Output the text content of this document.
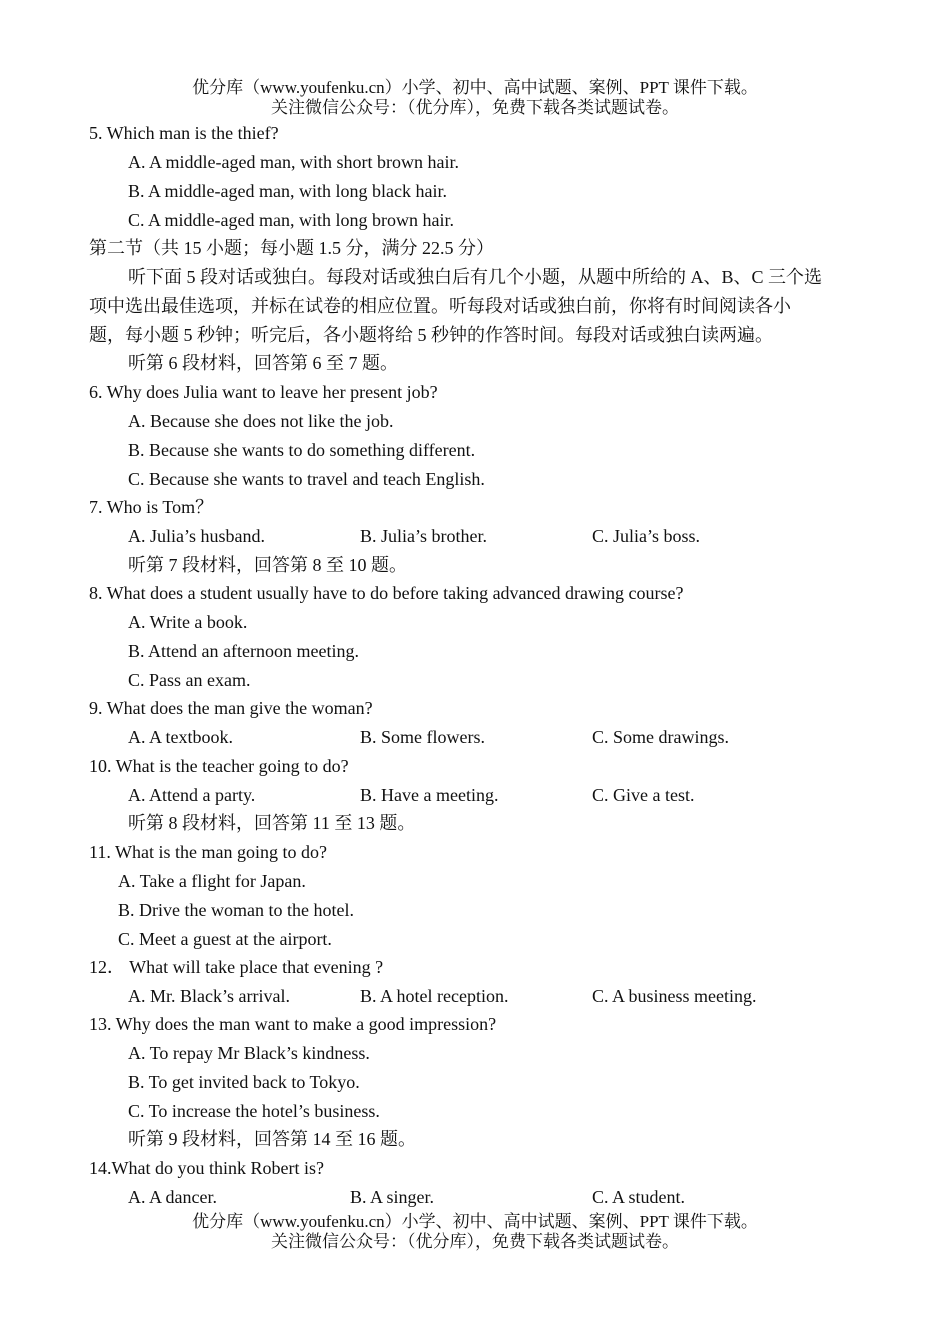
优分库（www.youfenku.cn）小学、初中、高中试题、案例、PPT 课件下载。
关注微信公众号：（优分库），免费下载各类试题试卷。
5. Which man is the thief?
A. A middle-aged man, with short brown hair.
B. A middle-aged man, with long black hair.
C. A middle-aged man, with long brown hair.
第二节（共 15 小题；每小题 1.5 分，满分 22.5 分）
听下面 5 段对话或独白。每段对话或独白后有几个小题，从题中所给的 A、B、C 三个选
项中选出最佳选项，并标在试卷的相应位置。听每段对话或独白前，你将有时间阅读各小
题，每小题 5 秒钟；听完后，各小题将给 5 秒钟的作答时间。每段对话或独白读两遍。
听第 6 段材料，回答第 6 至 7 题。
6. Why does Julia want to leave her present job?
A. Because she does not like the job.
B. Because she wants to do something different.
C. Because she wants to travel and teach English.
7. Who is Tom？
A. Julia’s husband.	B. Julia’s brother.	C. Julia’s boss.
听第 7 段材料，回答第 8 至 10 题。
8. What does a student usually have to do before taking advanced drawing course?
A. Write a book.
B. Attend an afternoon meeting.
C. Pass an exam.
9. What does the man give the woman?
A. A textbook.	B. Some flowers.	C. Some drawings.
10. What is the teacher going to do?
A. Attend a party.	B. Have a meeting.	C. Give a test.
听第 8 段材料，回答第 11 至 13 题。
11. What is the man going to do?
A. Take a flight for Japan.
B. Drive the woman to the hotel.
C. Meet a guest at the airport.
12． What will take place that evening ?
A. Mr. Black’s arrival.	B. A hotel reception.	C. A business meeting.
13. Why does the man want to make a good impression?
A. To repay Mr Black’s kindness.
B. To get invited back to Tokyo.
C. To increase the hotel’s business.
听第 9 段材料，回答第 14 至 16 题。
14.What do you think Robert is?
A. A dancer.	B. A singer.	C. A student.
优分库（www.youfenku.cn）小学、初中、高中试题、案例、PPT 课件下载。
关注微信公众号：（优分库），免费下载各类试题试卷。
